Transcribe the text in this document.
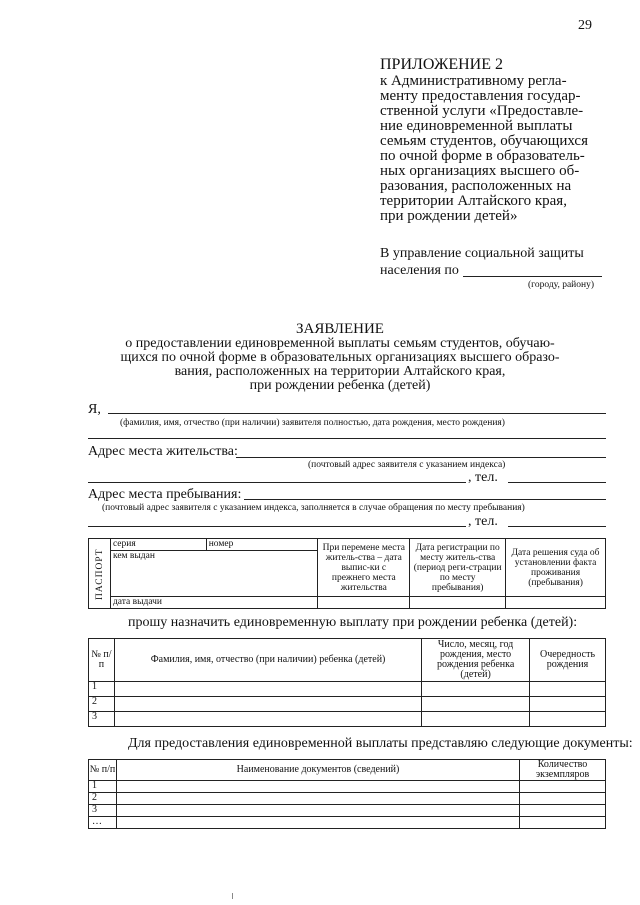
29
ПРИЛОЖЕНИЕ 2
к Административному регла-
менту предоставления государ-
ственной услуги «Предоставле-
ние единовременной выплаты
семьям студентов, обучающихся
по очной форме в образователь-
ных организациях высшего об-
разования, расположенных на
территории Алтайского края,
при рождении детей»
В управление социальной защиты
населения по
(городу, району)
ЗАЯВЛЕНИЕ
о предоставлении единовременной выплаты семьям студентов, обучаю-
щихся по очной форме в образовательных организациях высшего образо-
вания, расположенных на территории Алтайского края,
при рождении ребенка (детей)
Я,
(фамилия, имя, отчество (при наличии) заявителя полностью, дата рождения, место рождения)
Адрес места жительства:
(почтовый адрес заявителя с указанием индекса)
, тел.
Адрес места пребывания:
(почтовый адрес заявителя с указанием индекса, заполняется в случае обращения по месту пребывания)
, тел.
ПАСПОРТ	серия	номер	При перемене места житель-ства – дата выпис-ки с прежнего места жительства	Дата регистрации по месту житель-ства (период реги-страции по месту пребывания)	Дата решения суда об установлении факта проживания (пребывания)
	кем выдан				
	дата выдачи				
прошу назначить единовременную выплату при рождении ребенка (детей):
№ п/п	Фамилия, имя, отчество (при наличии) ребенка (детей)	Число, месяц, год рождения, место рождения ребенка (детей)	Очередность рождения
1			
2			
3			
Для предоставления единовременной выплаты представляю следующие документы:
№ п/п	Наименование документов (сведений)	Количество экземпляров
1		
2		
3		
…		
